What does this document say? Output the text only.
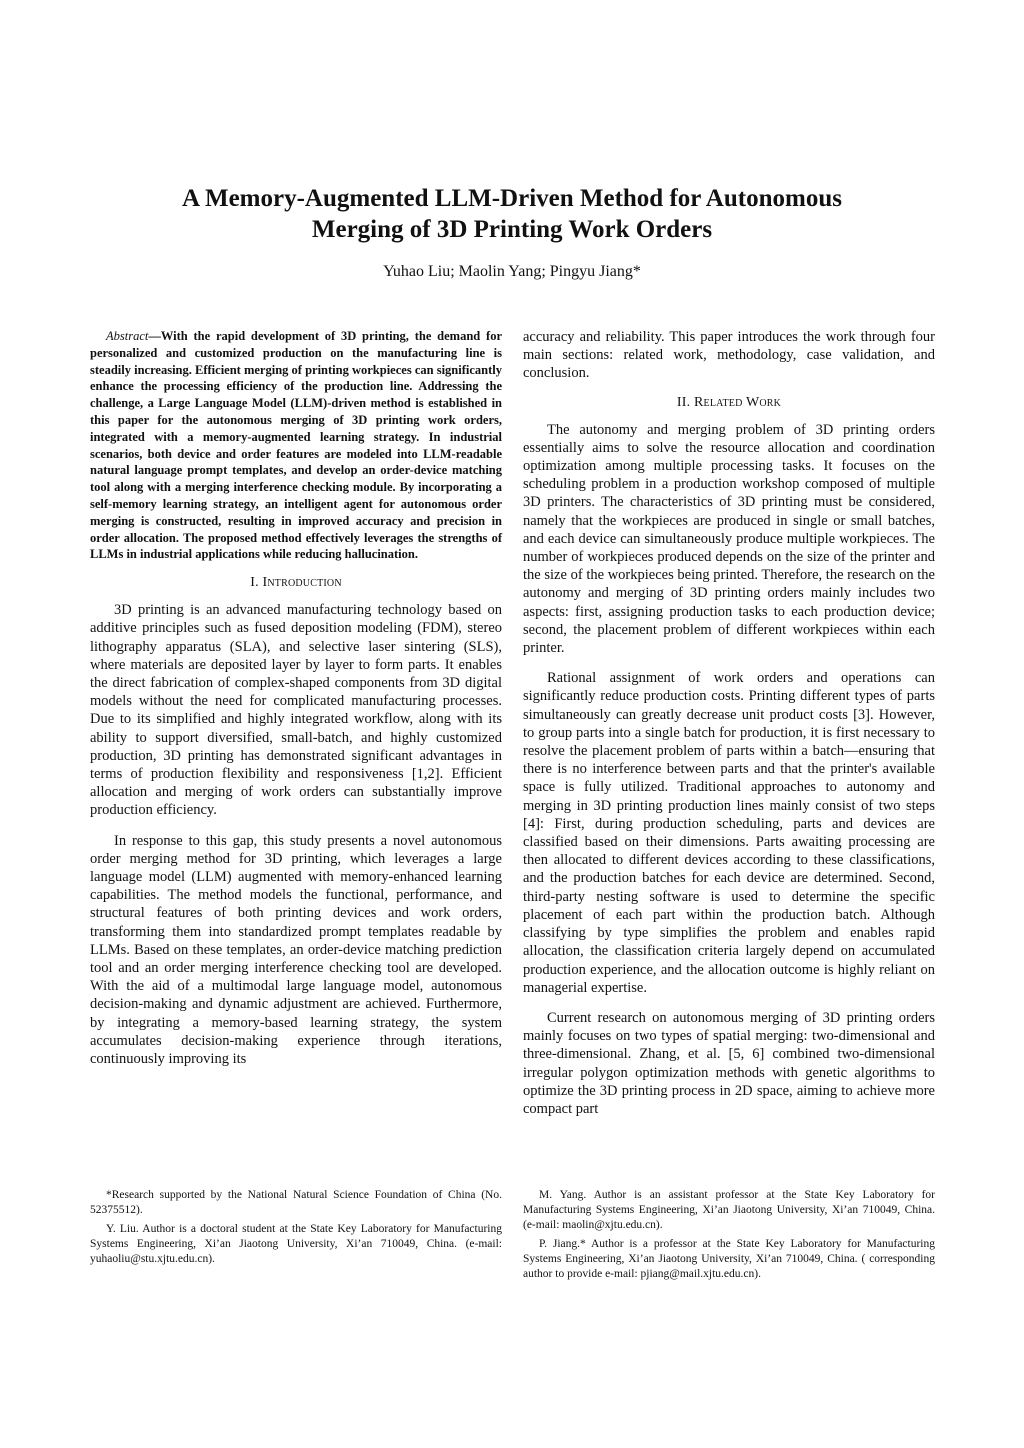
A Memory-Augmented LLM-Driven Method for Autonomous
Merging of 3D Printing Work Orders
Yuhao Liu; Maolin Yang; Pingyu Jiang*

Abstract—With the rapid development of 3D printing, the demand for personalized and customized production on the manufacturing line is steadily increasing. Efficient merging of printing workpieces can significantly enhance the processing efficiency of the production line. Addressing the challenge, a Large Language Model (LLM)-driven method is established in this paper for the autonomous merging of 3D printing work orders, integrated with a memory-augmented learning strategy. In industrial scenarios, both device and order features are modeled into LLM-readable natural language prompt templates, and develop an order-device matching tool along with a merging interference checking module. By incorporating a self-memory learning strategy, an intelligent agent for autonomous order merging is constructed, resulting in improved accuracy and precision in order allocation. The proposed method effectively leverages the strengths of LLMs in industrial applications while reducing hallucination.

I. Introduction

3D printing is an advanced manufacturing technology based on additive principles such as fused deposition modeling (FDM), stereo lithography apparatus (SLA), and selective laser sintering (SLS), where materials are deposited layer by layer to form parts. It enables the direct fabrication of complex-shaped components from 3D digital models without the need for complicated manufacturing processes. Due to its simplified and highly integrated workflow, along with its ability to support diversified, small-batch, and highly customized production, 3D printing has demonstrated significant advantages in terms of production flexibility and responsiveness [1,2]. Efficient allocation and merging of work orders can substantially improve production efficiency.

In response to this gap, this study presents a novel autonomous order merging method for 3D printing, which leverages a large language model (LLM) augmented with memory-enhanced learning capabilities. The method models the functional, performance, and structural features of both printing devices and work orders, transforming them into standardized prompt templates readable by LLMs. Based on these templates, an order-device matching prediction tool and an order merging interference checking tool are developed. With the aid of a multimodal large language model, autonomous decision-making and dynamic adjustment are achieved. Furthermore, by integrating a memory-based learning strategy, the system accumulates decision-making experience through iterations, continuously improving its

accuracy and reliability. This paper introduces the work through four main sections: related work, methodology, case validation, and conclusion.

II. Related Work

The autonomy and merging problem of 3D printing orders essentially aims to solve the resource allocation and coordination optimization among multiple processing tasks. It focuses on the scheduling problem in a production workshop composed of multiple 3D printers. The characteristics of 3D printing must be considered, namely that the workpieces are produced in single or small batches, and each device can simultaneously produce multiple workpieces. The number of workpieces produced depends on the size of the printer and the size of the workpieces being printed. Therefore, the research on the autonomy and merging of 3D printing orders mainly includes two aspects: first, assigning production tasks to each production device; second, the placement problem of different workpieces within each printer.

Rational assignment of work orders and operations can significantly reduce production costs. Printing different types of parts simultaneously can greatly decrease unit product costs [3]. However, to group parts into a single batch for production, it is first necessary to resolve the placement problem of parts within a batch—ensuring that there is no interference between parts and that the printer's available space is fully utilized. Traditional approaches to autonomy and merging in 3D printing production lines mainly consist of two steps [4]: First, during production scheduling, parts and devices are classified based on their dimensions. Parts awaiting processing are then allocated to different devices according to these classifications, and the production batches for each device are determined. Second, third-party nesting software is used to determine the specific placement of each part within the production batch. Although classifying by type simplifies the problem and enables rapid allocation, the classification criteria largely depend on accumulated production experience, and the allocation outcome is highly reliant on managerial expertise.

Current research on autonomous merging of 3D printing orders mainly focuses on two types of spatial merging: two-dimensional and three-dimensional. Zhang, et al. [5, 6] combined two-dimensional irregular polygon optimization methods with genetic algorithms to optimize the 3D printing process in 2D space, aiming to achieve more compact part

*Research supported by the National Natural Science Foundation of China (No. 52375512).

Y. Liu. Author is a doctoral student at the State Key Laboratory for Manufacturing Systems Engineering, Xi’an Jiaotong University, Xi’an 710049, China. (e-mail: yuhaoliu@stu.xjtu.edu.cn).

M. Yang. Author is an assistant professor at the State Key Laboratory for Manufacturing Systems Engineering, Xi’an Jiaotong University, Xi’an 710049, China. (e-mail: maolin@xjtu.edu.cn).

P. Jiang.* Author is a professor at the State Key Laboratory for Manufacturing Systems Engineering, Xi’an Jiaotong University, Xi’an 710049, China. ( corresponding author to provide e-mail: pjiang@mail.xjtu.edu.cn).
